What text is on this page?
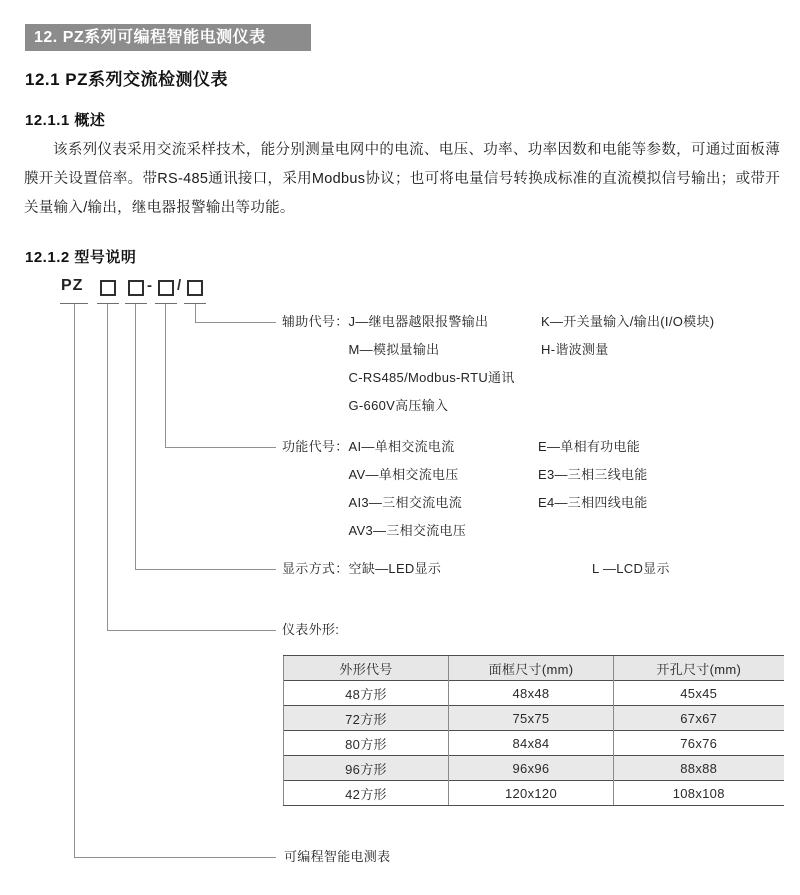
12. PZ系列可编程智能电测仪表
12.1 PZ系列交流检测仪表
12.1.1 概述
该系列仪表采用交流采样技术，能分别测量电网中的电流、电压、功率、功率因数和电能等参数，可通过面板薄膜开关设置倍率。带RS-485通讯接口，采用Modbus协议；也可将电量信号转换成标准的直流模拟信号输出；或带开关量输入/输出，继电器报警输出等功能。
12.1.2 型号说明
PZ	- /
辅助代号： J—继电器越限报警输出
M—模拟量输出
C-RS485/Modbus-RTU通讯
G-660V高压输入
K—开关量输入/输出(I/O模块)
H-谐波测量
功能代号： AI—单相交流电流
AV—单相交流电压
AI3—三相交流电流
AV3—三相交流电压
E—单相有功电能
E3—三相三线电能
E4—三相四线电能
显示方式：空缺—LED显示	L —LCD显示
仪表外形:
可编程智能电测表
外形代号	面框尺寸(mm)	开孔尺寸(mm)
48方形	48x48	45x45
72方形	75x75	67x67
80方形	84x84	76x76
96方形	96x96	88x88
42方形	120x120	108x108
